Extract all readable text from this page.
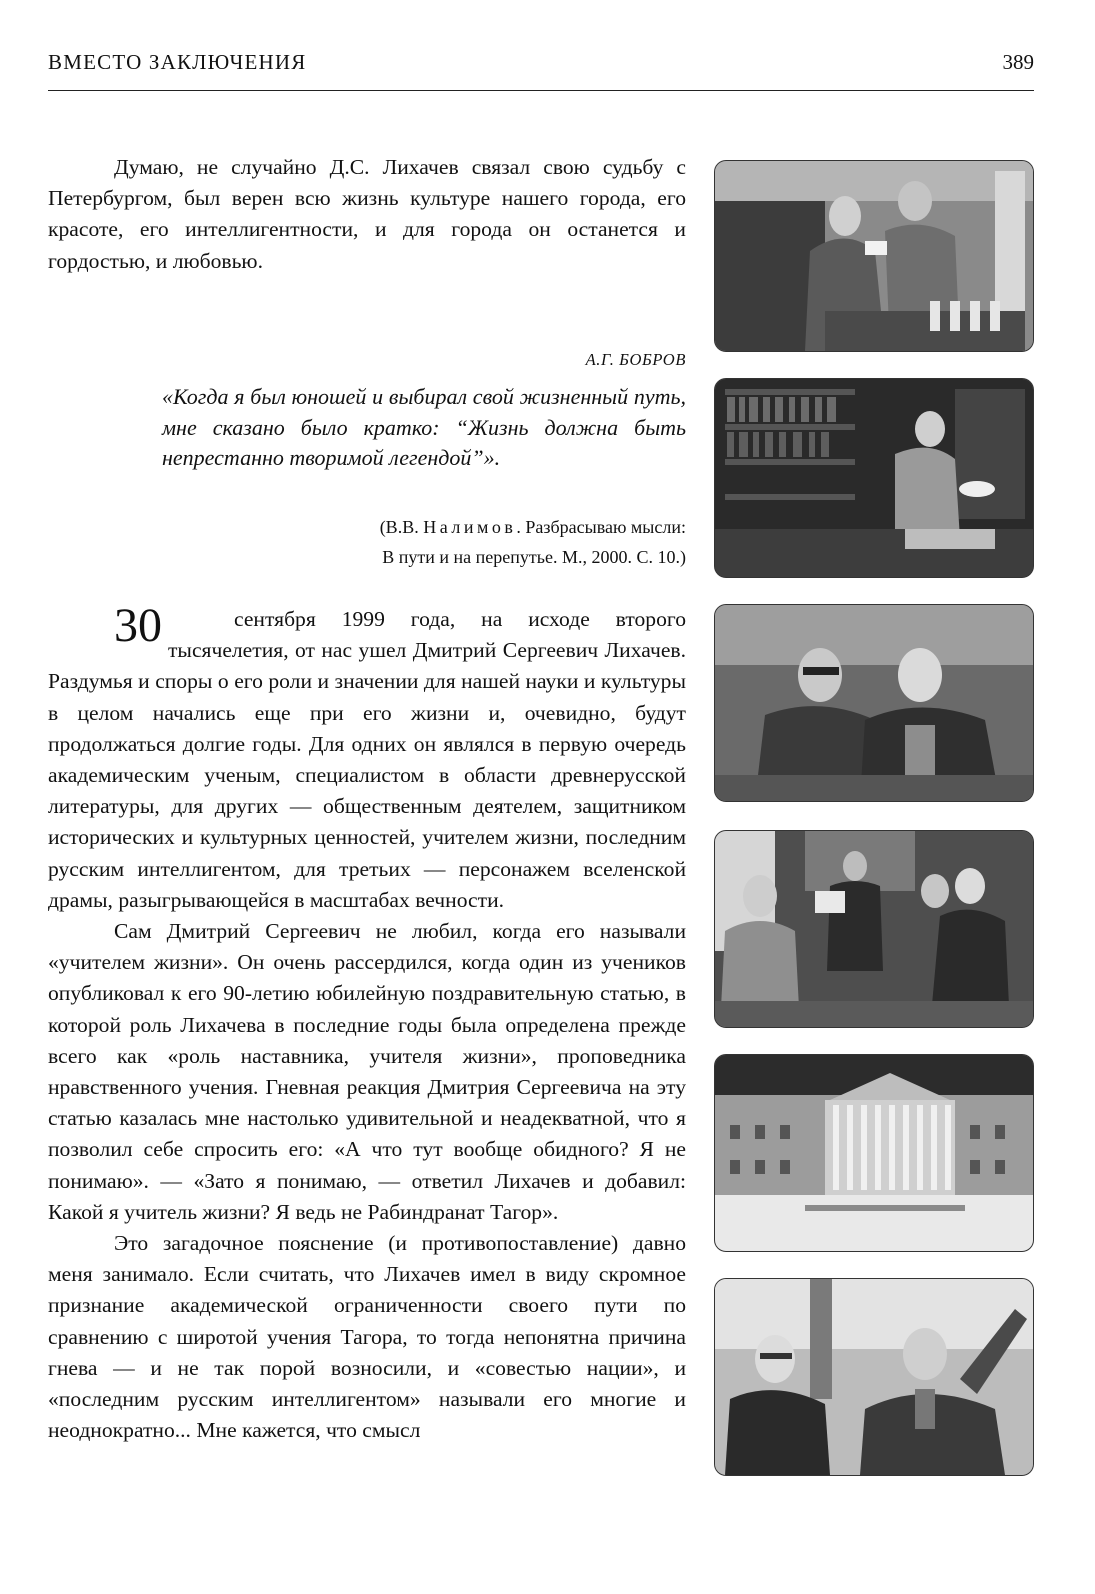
ВМЕСТО ЗАКЛЮЧЕНИЯ	389

Думаю, не случайно Д.С. Лихачев связал свою судьбу с Петербургом, был верен всю жизнь культуре нашего города, его красоте, его интеллигентности, и для города он останется и гордостью, и любовью.

А.Г. БОБРОВ
«Когда я был юношей и выбирал свой жизненный путь, мне сказано было кратко: “Жизнь должна быть непрестанно творимой легендой”».
(В.В. Налимов. Разбрасываю мысли:
В пути и на перепутье. М., 2000. С. 10.)

30	сентября 1999 года, на исходе второго тысячелетия, от нас ушел Дмитрий Сергеевич Лихачев. Раздумья и споры о его роли и значении для нашей науки и культуры в целом начались еще при его жизни и, очевидно, будут продолжаться долгие годы. Для одних он являлся в первую очередь академическим ученым, специалистом в области древнерусской литературы, для других — общественным деятелем, защитником исторических и культурных ценностей, учителем жизни, последним русским интеллигентом, для третьих — персонажем вселенской драмы, разыгрывающейся в масштабах вечности.

Сам Дмитрий Сергеевич не любил, когда его называли «учителем жизни». Он очень рассердился, когда один из учеников опубликовал к его 90-летию юбилейную поздравительную статью, в которой роль Лихачева в последние годы была определена прежде всего как «роль наставника, учителя жизни», проповедника нравственного учения. Гневная реакция Дмитрия Сергеевича на эту статью казалась мне настолько удивительной и неадекватной, что я позволил себе спросить его: «А что тут вообще обидного? Я не понимаю». — «Зато я понимаю, — ответил Лихачев и добавил: Какой я учитель жизни? Я ведь не Рабиндранат Тагор».

Это загадочное пояснение (и противопоставление) давно меня занимало. Если считать, что Лихачев имел в виду скромное признание академической ограниченности своего пути по сравнению с широтой учения Тагора, то тогда непонятна причина гнева — и не так порой возносили, и «совестью нации», и «последним русским интеллигентом» называли его многие и неоднократно... Мне кажется, что смысл
